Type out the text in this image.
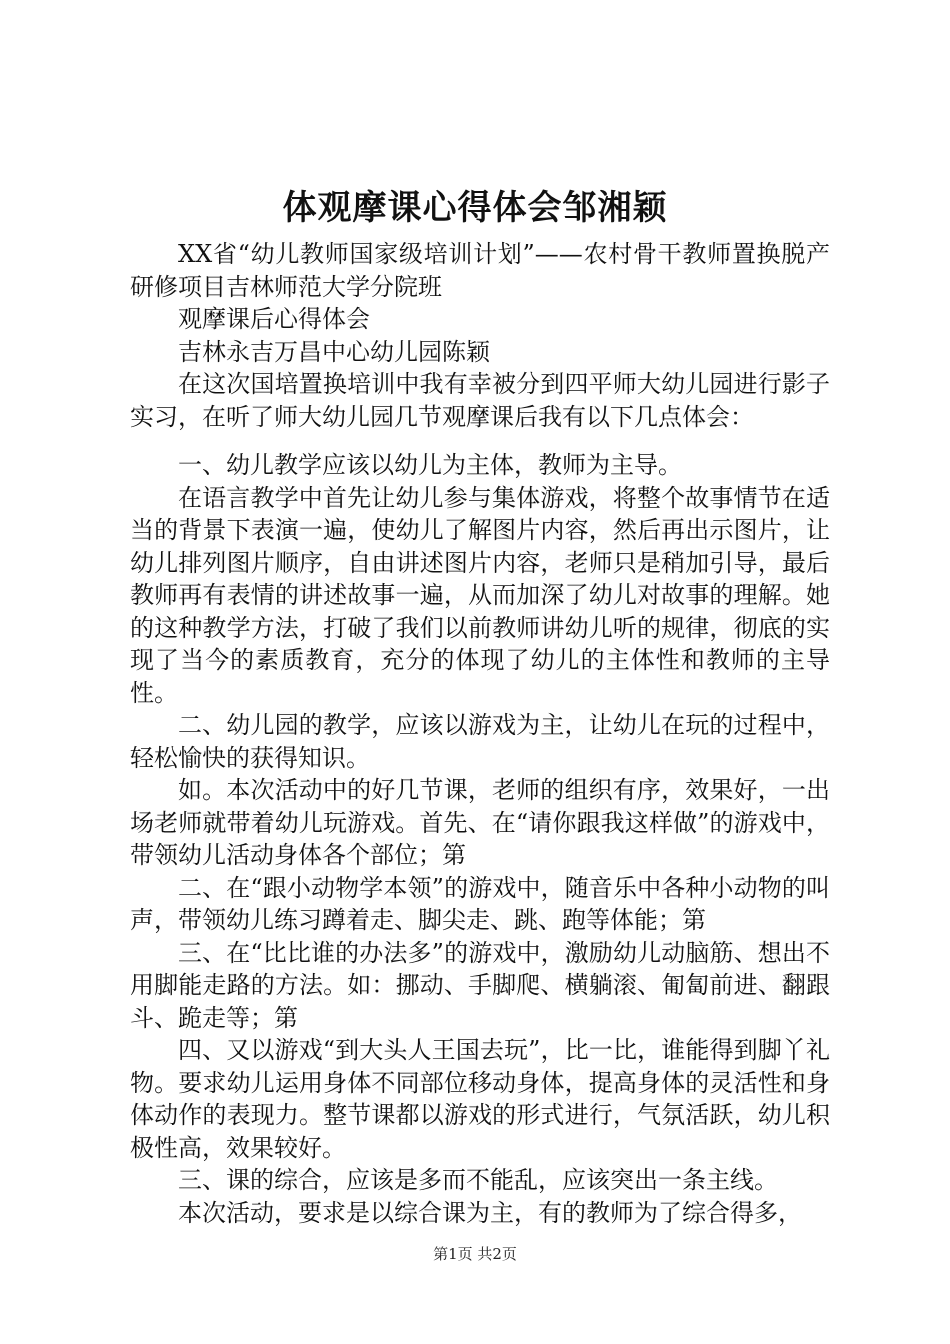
体观摩课心得体会邹湘颖

XX省“幼儿教师国家级培训计划”——农村骨干教师置换脱产研修项目吉林师范大学分院班

观摩课后心得体会

吉林永吉万昌中心幼儿园陈颖

在这次国培置换培训中我有幸被分到四平师大幼儿园进行影子实习，在听了师大幼儿园几节观摩课后我有以下几点体会：

一、幼儿教学应该以幼儿为主体，教师为主导。

在语言教学中首先让幼儿参与集体游戏，将整个故事情节在适当的背景下表演一遍，使幼儿了解图片内容，然后再出示图片，让幼儿排列图片顺序，自由讲述图片内容，老师只是稍加引导，最后教师再有表情的讲述故事一遍，从而加深了幼儿对故事的理解。她的这种教学方法，打破了我们以前教师讲幼儿听的规律，彻底的实现了当今的素质教育，充分的体现了幼儿的主体性和教师的主导性。

二、幼儿园的教学，应该以游戏为主，让幼儿在玩的过程中，轻松愉快的获得知识。

如。本次活动中的好几节课，老师的组织有序，效果好，一出场老师就带着幼儿玩游戏。首先、在“请你跟我这样做”的游戏中，带领幼儿活动身体各个部位；第

二、在“跟小动物学本领”的游戏中，随音乐中各种小动物的叫声，带领幼儿练习蹲着走、脚尖走、跳、跑等体能；第

三、在“比比谁的办法多”的游戏中，激励幼儿动脑筋、想出不用脚能走路的方法。如：挪动、手脚爬、横躺滚、匍匐前进、翻跟斗、跪走等；第

四、又以游戏“到大头人王国去玩”，比一比，谁能得到脚丫礼物。要求幼儿运用身体不同部位移动身体，提高身体的灵活性和身体动作的表现力。整节课都以游戏的形式进行，气氛活跃，幼儿积极性高，效果较好。

三、课的综合，应该是多而不能乱，应该突出一条主线。

本次活动，要求是以综合课为主，有的教师为了综合得多，

第1页 共2页
